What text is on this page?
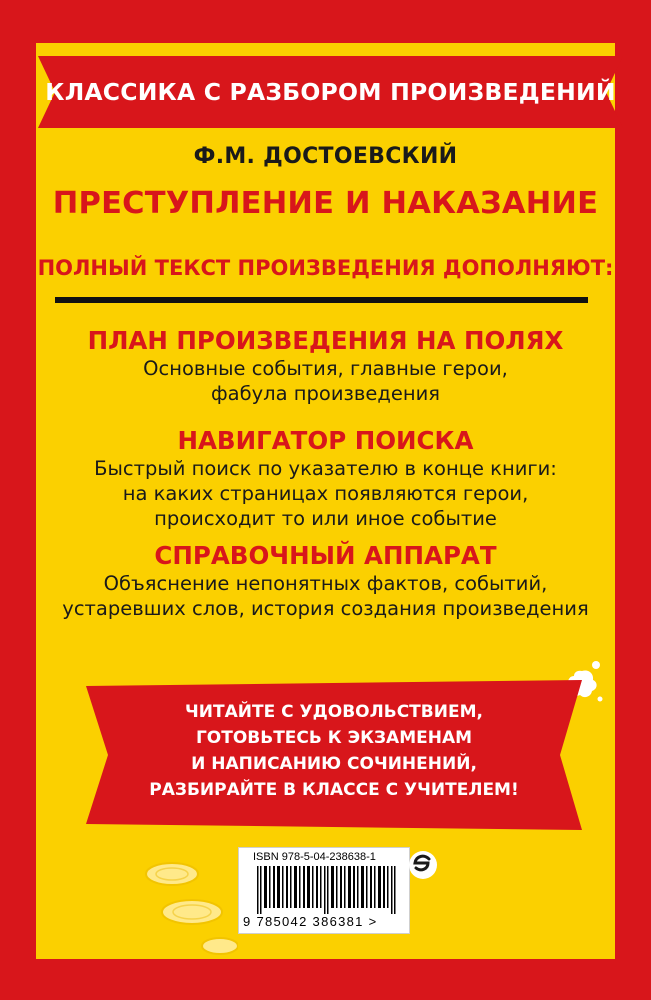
КЛАССИКА С РАЗБОРОМ ПРОИЗВЕДЕНИЙ
Ф.М. ДОСТОЕВСКИЙ
ПРЕСТУПЛЕНИЕ И НАКАЗАНИЕ
ПОЛНЫЙ ТЕКСТ ПРОИЗВЕДЕНИЯ ДОПОЛНЯЮТ:
ПЛАН ПРОИЗВЕДЕНИЯ НА ПОЛЯХ
Основные события, главные герои,
фабула произведения
НАВИГАТОР ПОИСКА
Быстрый поиск по указателю в конце книги:
на каких страницах появляются герои,
происходит то или иное событие
СПРАВОЧНЫЙ АППАРАТ
Объяснение непонятных фактов, событий,
устаревших слов, история создания произведения
ЧИТАЙТЕ С УДОВОЛЬСТВИЕМ,
ГОТОВЬТЕСЬ К ЭКЗАМЕНАМ
И НАПИСАНИЮ СОЧИНЕНИЙ,
РАЗБИРАЙТЕ В КЛАССЕ С УЧИТЕЛЕМ!
ISBN 978-5-04-238638-1
9 785042 386381 >
